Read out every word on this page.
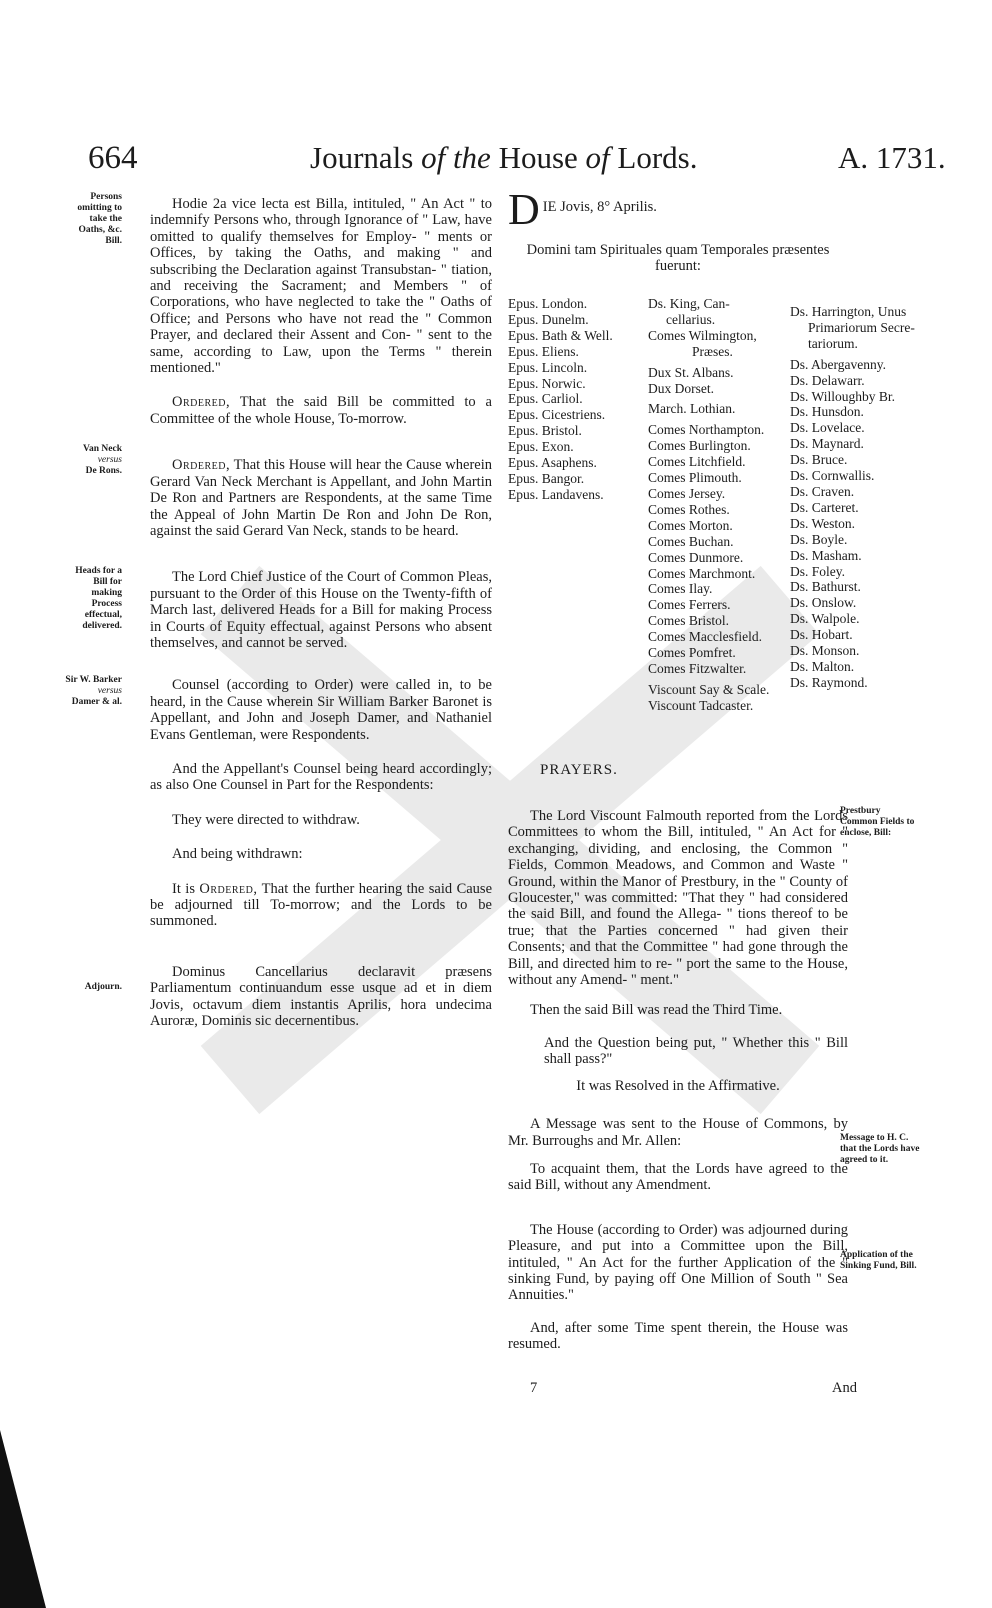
664	Journals of the House of Lords.	A. 1731.
Persons omitting to take the Oaths, &c. Bill.
Van Neck
versus
De Rons.
Heads for a Bill for making Process effectual, delivered.
Sir W. Barker
versus
Damer & al.
Adjourn.
Prestbury Common Fields to enclose, Bill:
Message to H. C. that the Lords have agreed to it.
Application of the Sinking Fund, Bill.

Hodie 2a vice lecta est Billa, intituled, " An Act " to indemnify Persons who, through Ignorance of " Law, have omitted to qualify themselves for Employ- " ments or Offices, by taking the Oaths, and making " and subscribing the Declaration against Transubstan- " tiation, and receiving the Sacrament; and Members " of Corporations, who have neglected to take the " Oaths of Office; and Persons who have not read the " Common Prayer, and declared their Assent and Con- " sent to the same, according to Law, upon the Terms " therein mentioned."

Ordered, That the said Bill be committed to a Committee of the whole House, To-morrow.

Ordered, That this House will hear the Cause wherein Gerard Van Neck Merchant is Appellant, and John Martin De Ron and Partners are Respondents, at the same Time the Appeal of John Martin De Ron and John De Ron, against the said Gerard Van Neck, stands to be heard.

The Lord Chief Justice of the Court of Common Pleas, pursuant to the Order of this House on the Twenty-fifth of March last, delivered Heads for a Bill for making Process in Courts of Equity effectual, against Persons who absent themselves, and cannot be served.

Counsel (according to Order) were called in, to be heard, in the Cause wherein Sir William Barker Baronet is Appellant, and John and Joseph Damer, and Nathaniel Evans Gentleman, were Respondents.

And the Appellant's Counsel being heard accordingly; as also One Counsel in Part for the Respondents:

They were directed to withdraw.

And being withdrawn:

It is Ordered, That the further hearing the said Cause be adjourned till To-morrow; and the Lords to be summoned.

Dominus Cancellarius declaravit præsens Parliamentum continuandum esse usque ad et in diem Jovis, octavum diem instantis Aprilis, hora undecima Auroræ, Dominis sic decernentibus.

DIE Jovis, 8° Aprilis.

Domini tam Spirituales quam Temporales præsentes fuerunt:

Epus. London.
Epus. Dunelm.
Epus. Bath & Well.
Epus. Eliens.
Epus. Lincoln.
Epus. Norwic.
Epus. Carliol.
Epus. Cicestriens.
Epus. Bristol.
Epus. Exon.
Epus. Asaphens.
Epus. Bangor.
Epus. Landavens.
Ds. King, Can-
cellarius.
Comes Wilmington,
Præses.
Dux St. Albans.
Dux Dorset.
March. Lothian.
Comes Northampton.
Comes Burlington.
Comes Litchfield.
Comes Plimouth.
Comes Jersey.
Comes Rothes.
Comes Morton.
Comes Buchan.
Comes Dunmore.
Comes Marchmont.
Comes Ilay.
Comes Ferrers.
Comes Bristol.
Comes Macclesfield.
Comes Pomfret.
Comes Fitzwalter.
Viscount Say & Scale.
Viscount Tadcaster.
Ds. Harrington, Unus
Primariorum Secre-
tariorum.
Ds. Abergavenny.
Ds. Delawarr.
Ds. Willoughby Br.
Ds. Hunsdon.
Ds. Lovelace.
Ds. Maynard.
Ds. Bruce.
Ds. Cornwallis.
Ds. Craven.
Ds. Carteret.
Ds. Weston.
Ds. Boyle.
Ds. Masham.
Ds. Foley.
Ds. Bathurst.
Ds. Onslow.
Ds. Walpole.
Ds. Hobart.
Ds. Monson.
Ds. Malton.
Ds. Raymond.
PRAYERS.

The Lord Viscount Falmouth reported from the Lords Committees to whom the Bill, intituled, " An Act for " exchanging, dividing, and enclosing, the Common " Fields, Common Meadows, and Common and Waste " Ground, within the Manor of Prestbury, in the " County of Gloucester," was committed: "That they " had considered the said Bill, and found the Allega- " tions thereof to be true; that the Parties concerned " had given their Consents; and that the Committee " had gone through the Bill, and directed him to re- " port the same to the House, without any Amend- " ment."

Then the said Bill was read the Third Time.

And the Question being put, " Whether this " Bill shall pass?"

It was Resolved in the Affirmative.

A Message was sent to the House of Commons, by Mr. Burroughs and Mr. Allen:

To acquaint them, that the Lords have agreed to the said Bill, without any Amendment.

The House (according to Order) was adjourned during Pleasure, and put into a Committee upon the Bill, intituled, " An Act for the further Application of the " sinking Fund, by paying off One Million of South " Sea Annuities."

And, after some Time spent therein, the House was resumed.

7	And
